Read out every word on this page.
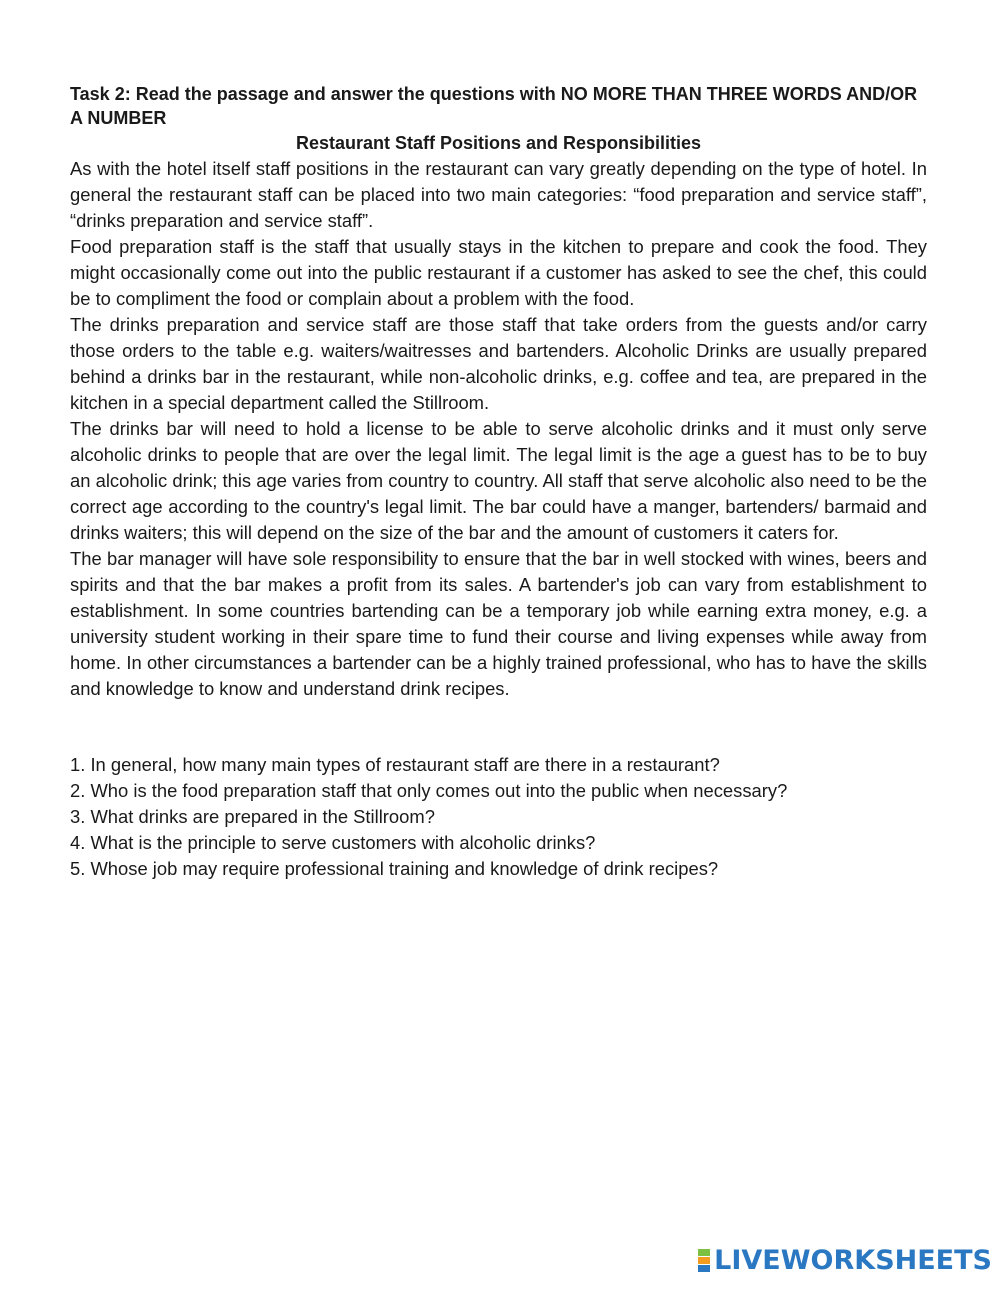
Task 2: Read the passage and answer the questions with NO MORE THAN THREE WORDS AND/OR A NUMBER

Restaurant Staff Positions and Responsibilities

As with the hotel itself staff positions in the restaurant can vary greatly depending on the type of hotel. In general the restaurant staff can be placed into two main categories: “food preparation and service staff”, “drinks preparation and service staff”.

Food preparation staff is the staff that usually stays in the kitchen to prepare and cook the food. They might occasionally come out into the public restaurant if a customer has asked to see the chef, this could be to compliment the food or complain about a problem with the food.

The drinks preparation and service staff are those staff that take orders from the guests and/or carry those orders to the table e.g. waiters/waitresses and bartenders. Alcoholic Drinks are usually prepared behind a drinks bar in the restaurant, while non-alcoholic drinks, e.g. coffee and tea, are prepared in the kitchen in a special department called the Stillroom.

The drinks bar will need to hold a license to be able to serve alcoholic drinks and it must only serve alcoholic drinks to people that are over the legal limit. The legal limit is the age a guest has to be to buy an alcoholic drink; this age varies from country to country. All staff that serve alcoholic also need to be the correct age according to the country's legal limit. The bar could have a manger, bartenders/ barmaid and drinks waiters; this will depend on the size of the bar and the amount of customers it caters for.

The bar manager will have sole responsibility to ensure that the bar in well stocked with wines, beers and spirits and that the bar makes a profit from its sales. A bartender's job can vary from establishment to establishment. In some countries bartending can be a temporary job while earning extra money, e.g. a university student working in their spare time to fund their course and living expenses while away from home. In other circumstances a bartender can be a highly trained professional, who has to have the skills and knowledge to know and understand drink recipes.

1. In general, how many main types of restaurant staff are there in a restaurant?

2. Who is the food preparation staff that only comes out into the public when necessary?

3. What drinks are prepared in the Stillroom?

4. What is the principle to serve customers with alcoholic drinks?

5. Whose job may require professional training and knowledge of drink recipes?

LIVEWORKSHEETS
